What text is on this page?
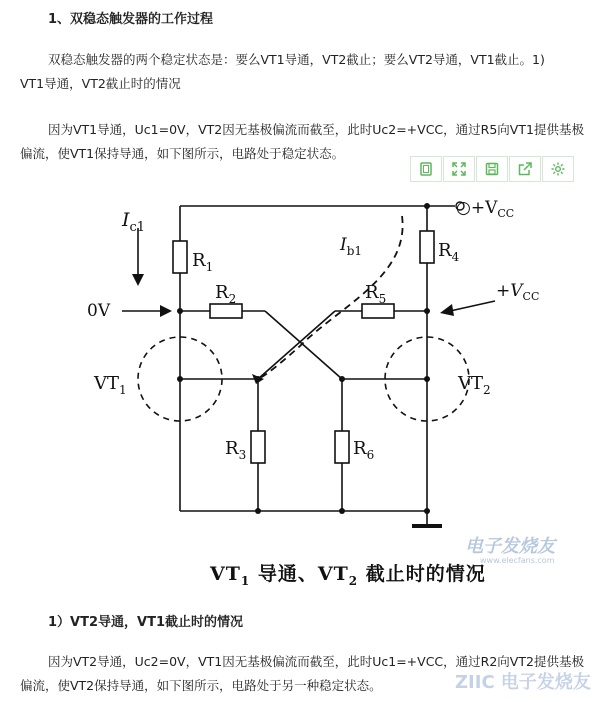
1、双稳态触发器的工作过程
双稳态触发器的两个稳定状态是：要么VT1导通，VT2截止；要么VT2导通，VT1截止。1)
VT1导通，VT2截止时的情况
因为VT1导通，Uc1=0V，VT2因无基极偏流而截至，此时Uc2=+VCC，通过R5向VT1提供基极
偏流，使VT1保持导通，如下图所示，电路处于稳定状态。
$I_{c1}$
$R_1$
$R_2$
$R_3$
$R_4$
$R_5$
$R_6$
0V
$VT_1$	$VT_2$
$I_{b1}$
$○+V_{CC}$
$+V_{CC}$
$VT_1$ 导通、$VT_2$ 截止时的情况
电子发烧友
www.elecfans.com
1）VT2导通，VT1截止时的情况
因为VT2导通，Uc2=0V，VT1因无基极偏流而截至，此时Uc1=+VCC，通过R2向VT2提供基极
偏流，使VT2保持导通，如下图所示，电路处于另一种稳定状态。	ZIIC 电子发烧友
